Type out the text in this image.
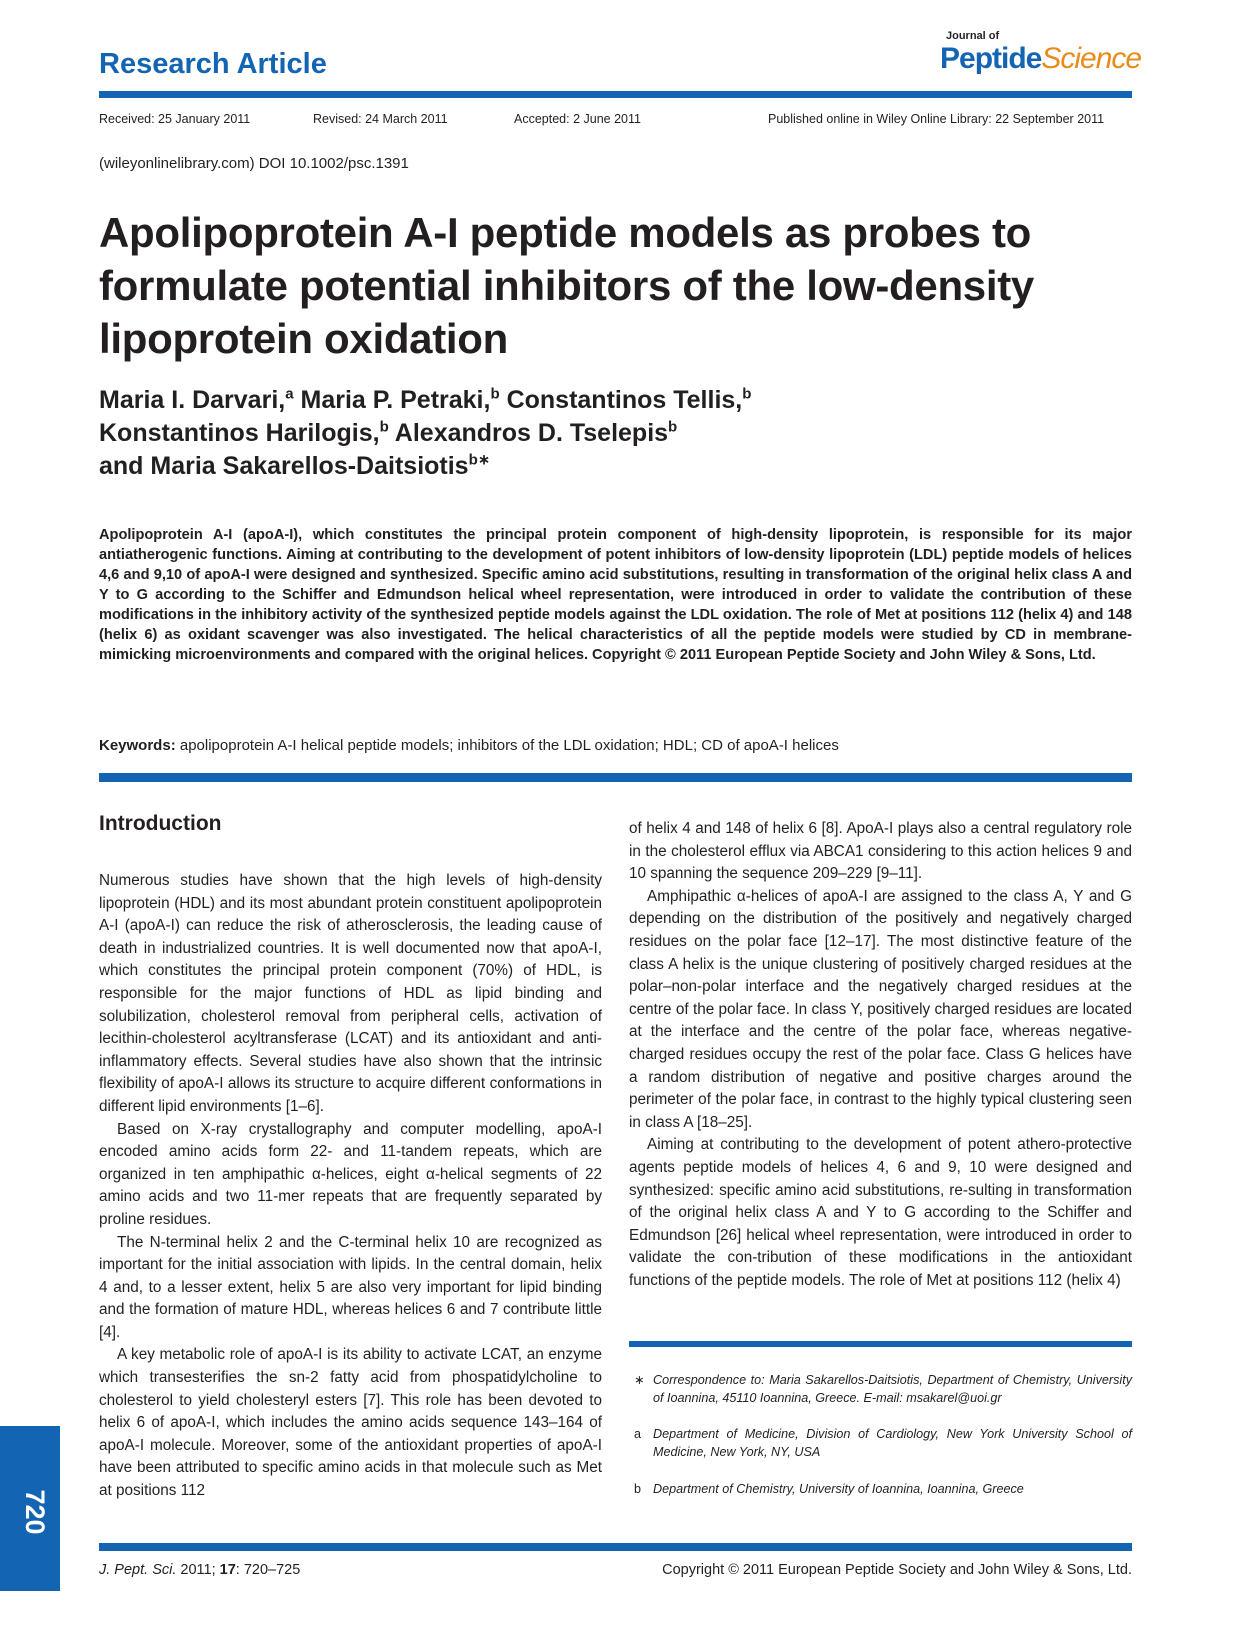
Research Article
Journal of
PeptideScience
Received: 25 January 2011	Revised: 24 March 2011	Accepted: 2 June 2011	Published online in Wiley Online Library: 22 September 2011
(wileyonlinelibrary.com) DOI 10.1002/psc.1391
Apolipoprotein A-I peptide models as probes to formulate potential inhibitors of the low-density lipoprotein oxidation
Maria I. Darvari,$^a$ Maria P. Petraki,$^b$ Constantinos Tellis,$^b$
Konstantinos Harilogis,$^b$ Alexandros D. Tselepis$^b$
and Maria Sakarellos-Daitsiotis$^{b∗}$
Apolipoprotein A-I (apoA-I), which constitutes the principal protein component of high-density lipoprotein, is responsible for its major antiatherogenic functions. Aiming at contributing to the development of potent inhibitors of low-density lipoprotein (LDL) peptide models of helices 4,6 and 9,10 of apoA-I were designed and synthesized. Specific amino acid substitutions, resulting in transformation of the original helix class A and Y to G according to the Schiffer and Edmundson helical wheel representation, were introduced in order to validate the contribution of these modifications in the inhibitory activity of the synthesized peptide models against the LDL oxidation. The role of Met at positions 112 (helix 4) and 148 (helix 6) as oxidant scavenger was also investigated. The helical characteristics of all the peptide models were studied by CD in membrane-mimicking microenvironments and compared with the original helices. Copyright © 2011 European Peptide Society and John Wiley & Sons, Ltd.
Keywords: apolipoprotein A-I helical peptide models; inhibitors of the LDL oxidation; HDL; CD of apoA-I helices
Introduction

Numerous studies have shown that the high levels of high-density lipoprotein (HDL) and its most abundant protein constituent apolipoprotein A-I (apoA-I) can reduce the risk of atherosclerosis, the leading cause of death in industrialized countries. It is well documented now that apoA-I, which constitutes the principal protein component (70%) of HDL, is responsible for the major functions of HDL as lipid binding and solubilization, cholesterol removal from peripheral cells, activation of lecithin-cholesterol acyltransferase (LCAT) and its antioxidant and anti-inflammatory effects. Several studies have also shown that the intrinsic flexibility of apoA-I allows its structure to acquire different conformations in different lipid environments [1–6].

Based on X-ray crystallography and computer modelling, apoA-I encoded amino acids form 22- and 11-tandem repeats, which are organized in ten amphipathic α-helices, eight α-helical segments of 22 amino acids and two 11-mer repeats that are frequently separated by proline residues.

The N-terminal helix 2 and the C-terminal helix 10 are recognized as important for the initial association with lipids. In the central domain, helix 4 and, to a lesser extent, helix 5 are also very important for lipid binding and the formation of mature HDL, whereas helices 6 and 7 contribute little [4].

A key metabolic role of apoA-I is its ability to activate LCAT, an enzyme which transesterifies the sn-2 fatty acid from phospatidylcholine to cholesterol to yield cholesteryl esters [7]. This role has been devoted to helix 6 of apoA-I, which includes the amino acids sequence 143–164 of apoA-I molecule. Moreover, some of the antioxidant properties of apoA-I have been attributed to specific amino acids in that molecule such as Met at positions 112

of helix 4 and 148 of helix 6 [8]. ApoA-I plays also a central regulatory role in the cholesterol efflux via ABCA1 considering to this action helices 9 and 10 spanning the sequence 209–229 [9–11].

Amphipathic α-helices of apoA-I are assigned to the class A, Y and G depending on the distribution of the positively and negatively charged residues on the polar face [12–17]. The most distinctive feature of the class A helix is the unique clustering of positively charged residues at the polar–non-polar interface and the negatively charged residues at the centre of the polar face. In class Y, positively charged residues are located at the interface and the centre of the polar face, whereas negative-charged residues occupy the rest of the polar face. Class G helices have a random distribution of negative and positive charges around the perimeter of the polar face, in contrast to the highly typical clustering seen in class A [18–25].

Aiming at contributing to the development of potent athero-protective agents peptide models of helices 4, 6 and 9, 10 were designed and synthesized: specific amino acid substitutions, re-sulting in transformation of the original helix class A and Y to G according to the Schiffer and Edmundson [26] helical wheel representation, were introduced in order to validate the con-tribution of these modifications in the antioxidant functions of the peptide models. The role of Met at positions 112 (helix 4)

∗ Correspondence to: Maria Sakarellos-Daitsiotis, Department of Chemistry, University of Ioannina, 45110 Ioannina, Greece. E-mail: msakarel@uoi.gr
a Department of Medicine, Division of Cardiology, New York University School of Medicine, New York, NY, USA
b Department of Chemistry, University of Ioannina, Ioannina, Greece
720
J. Pept. Sci. 2011; 17: 720–725	Copyright © 2011 European Peptide Society and John Wiley & Sons, Ltd.
